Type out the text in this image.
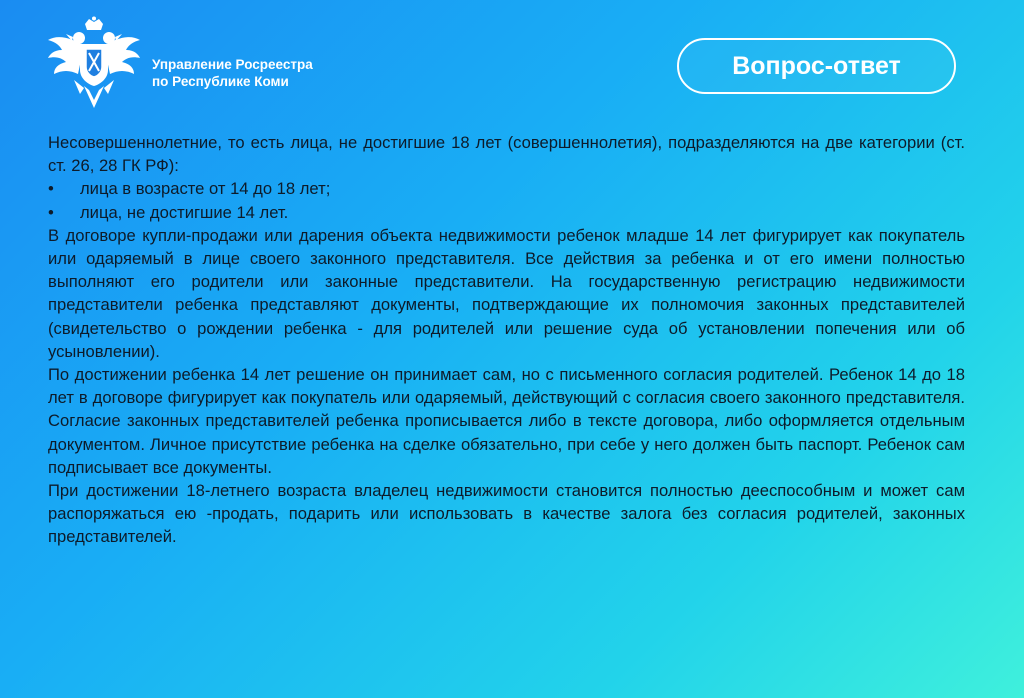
Управление Росреестра
по Республике Коми
Вопрос-ответ

Несовершеннолетние, то есть лица, не достигшие 18 лет (совершеннолетия), подразделяются на две категории (ст. ст. 26, 28 ГК РФ):

• лица в возрасте от 14 до 18 лет;
• лица, не достигшие 14 лет.

В договоре купли-продажи или дарения объекта недвижимости ребенок младше 14 лет фигурирует как покупатель или одаряемый в лице своего законного представителя. Все действия за ребенка и от его имени полностью выполняют его родители или законные представители. На государственную регистрацию недвижимости представители ребенка представляют документы, подтверждающие их полномочия законных представителей (свидетельство о рождении ребенка - для родителей или решение суда об установлении попечения или об усыновлении).

По достижении ребенка 14 лет решение он принимает сам, но с письменного согласия родителей. Ребенок 14 до 18 лет в договоре фигурирует как покупатель или одаряемый, действующий с согласия своего законного представителя. Согласие законных представителей ребенка прописывается либо в тексте договора, либо оформляется отдельным документом. Личное присутствие ребенка на сделке обязательно, при себе у него должен быть паспорт. Ребенок сам подписывает все документы.

При достижении 18-летнего возраста владелец недвижимости становится полностью дееспособным и может сам распоряжаться ею -продать, подарить или использовать в качестве залога без согласия родителей, законных представителей.
